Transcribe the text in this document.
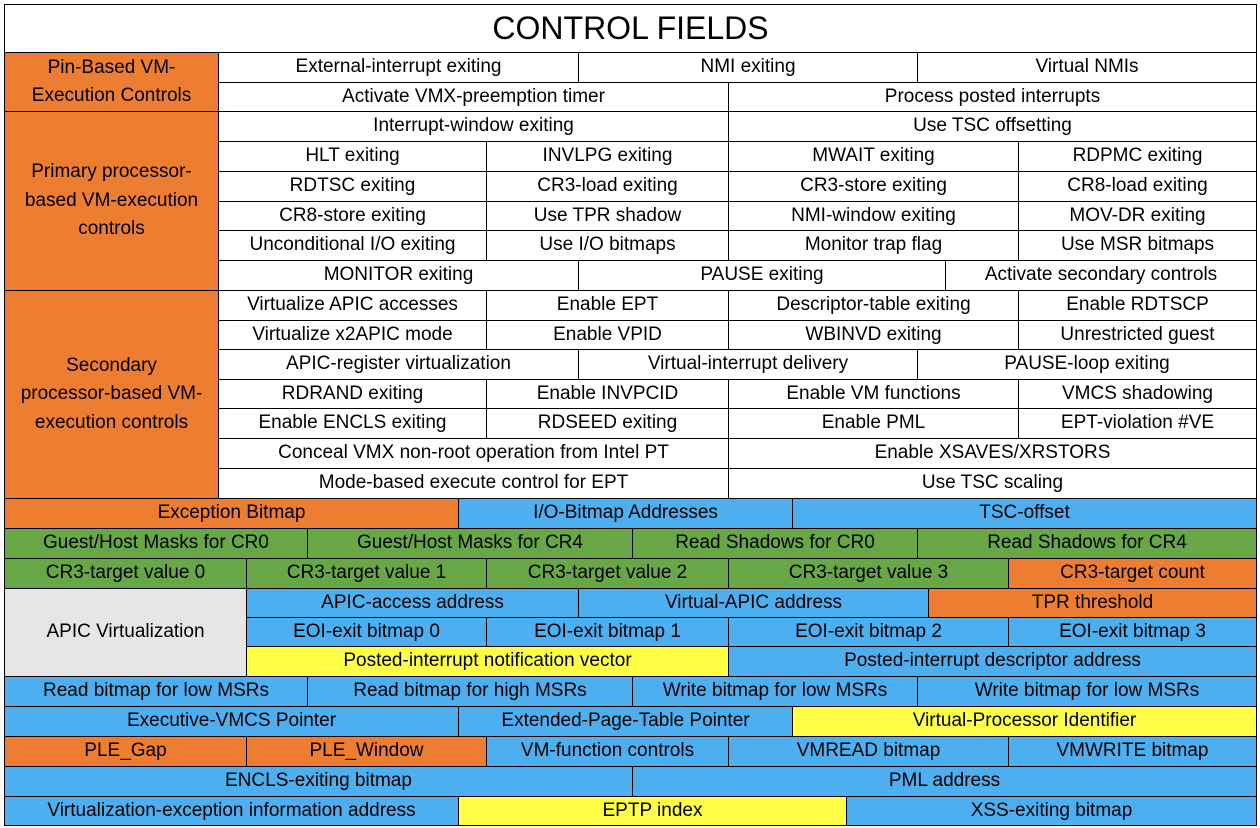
CONTROL FIELDS
Pin-Based VM-Execution Controls
External-interrupt exiting	NMI exiting	Virtual NMIs
Activate VMX-preemption timer	Process posted interrupts
Primary processor-based VM-execution controls
Interrupt-window exiting	Use TSC offsetting
HLT exiting	INVLPG exiting	MWAIT exiting	RDPMC exiting
RDTSC exiting	CR3-load exiting	CR3-store exiting	CR8-load exiting
CR8-store exiting	Use TPR shadow	NMI-window exiting	MOV-DR exiting
Unconditional I/O exiting	Use I/O bitmaps	Monitor trap flag	Use MSR bitmaps
MONITOR exiting	PAUSE exiting	Activate secondary controls
Secondary processor-based VM-execution controls
Virtualize APIC accesses	Enable EPT	Descriptor-table exiting	Enable RDTSCP
Virtualize x2APIC mode	Enable VPID	WBINVD exiting	Unrestricted guest
APIC-register virtualization	Virtual-interrupt delivery	PAUSE-loop exiting
RDRAND exiting	Enable INVPCID	Enable VM functions	VMCS shadowing
Enable ENCLS exiting	RDSEED exiting	Enable PML	EPT-violation #VE
Conceal VMX non-root operation from Intel PT	Enable XSAVES/XRSTORS
Mode-based execute control for EPT	Use TSC scaling
Exception Bitmap	I/O-Bitmap Addresses	TSC-offset
Guest/Host Masks for CR0	Guest/Host Masks for CR4	Read Shadows for CR0	Read Shadows for CR4
CR3-target value 0	CR3-target value 1	CR3-target value 2	CR3-target value 3	CR3-target count
APIC Virtualization
APIC-access address	Virtual-APIC address	TPR threshold
EOI-exit bitmap 0	EOI-exit bitmap 1	EOI-exit bitmap 2	EOI-exit bitmap 3
Posted-interrupt notification vector	Posted-interrupt descriptor address
Read bitmap for low MSRs	Read bitmap for high MSRs	Write bitmap for low MSRs	Write bitmap for low MSRs
Executive-VMCS Pointer	Extended-Page-Table Pointer	Virtual-Processor Identifier
PLE_Gap	PLE_Window	VM-function controls	VMREAD bitmap	VMWRITE bitmap
ENCLS-exiting bitmap	PML address
Virtualization-exception information address	EPTP index	XSS-exiting bitmap
